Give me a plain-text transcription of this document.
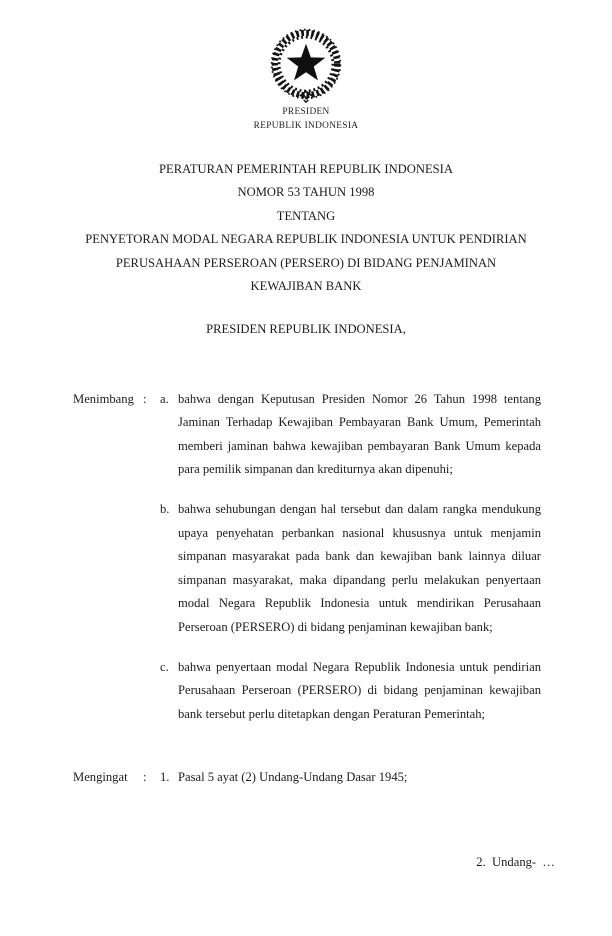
PRESIDEN
REPUBLIK INDONESIA
PERATURAN PEMERINTAH REPUBLIK INDONESIA
NOMOR 53 TAHUN 1998
TENTANG
PENYETORAN MODAL NEGARA REPUBLIK INDONESIA UNTUK PENDIRIAN
PERUSAHAAN PERSEROAN (PERSERO) DI BIDANG PENJAMINAN
KEWAJIBAN BANK
PRESIDEN REPUBLIK INDONESIA,
Menimbang :	a. bahwa dengan Keputusan Presiden Nomor 26 Tahun 1998 tentang Jaminan Terhadap Kewajiban Pembayaran Bank Umum, Pemerintah memberi jaminan bahwa kewajiban pembayaran Bank Umum kepada para pemilik simpanan dan krediturnya akan dipenuhi;
b. bahwa sehubungan dengan hal tersebut dan dalam rangka mendukung upaya penyehatan perbankan nasional khususnya untuk menjamin simpanan masyarakat pada bank dan kewajiban bank lainnya diluar simpanan masyarakat, maka dipandang perlu melakukan penyertaan modal Negara Republik Indonesia untuk mendirikan Perusahaan Perseroan (PERSERO) di bidang penjaminan kewajiban bank;
c. bahwa penyertaan modal Negara Republik Indonesia untuk pendirian Perusahaan Perseroan (PERSERO) di bidang penjaminan kewajiban bank tersebut perlu ditetapkan dengan Peraturan Pemerintah;
Mengingat	:	1. Pasal 5 ayat (2) Undang-Undang Dasar 1945;
2.  Undang-  …
